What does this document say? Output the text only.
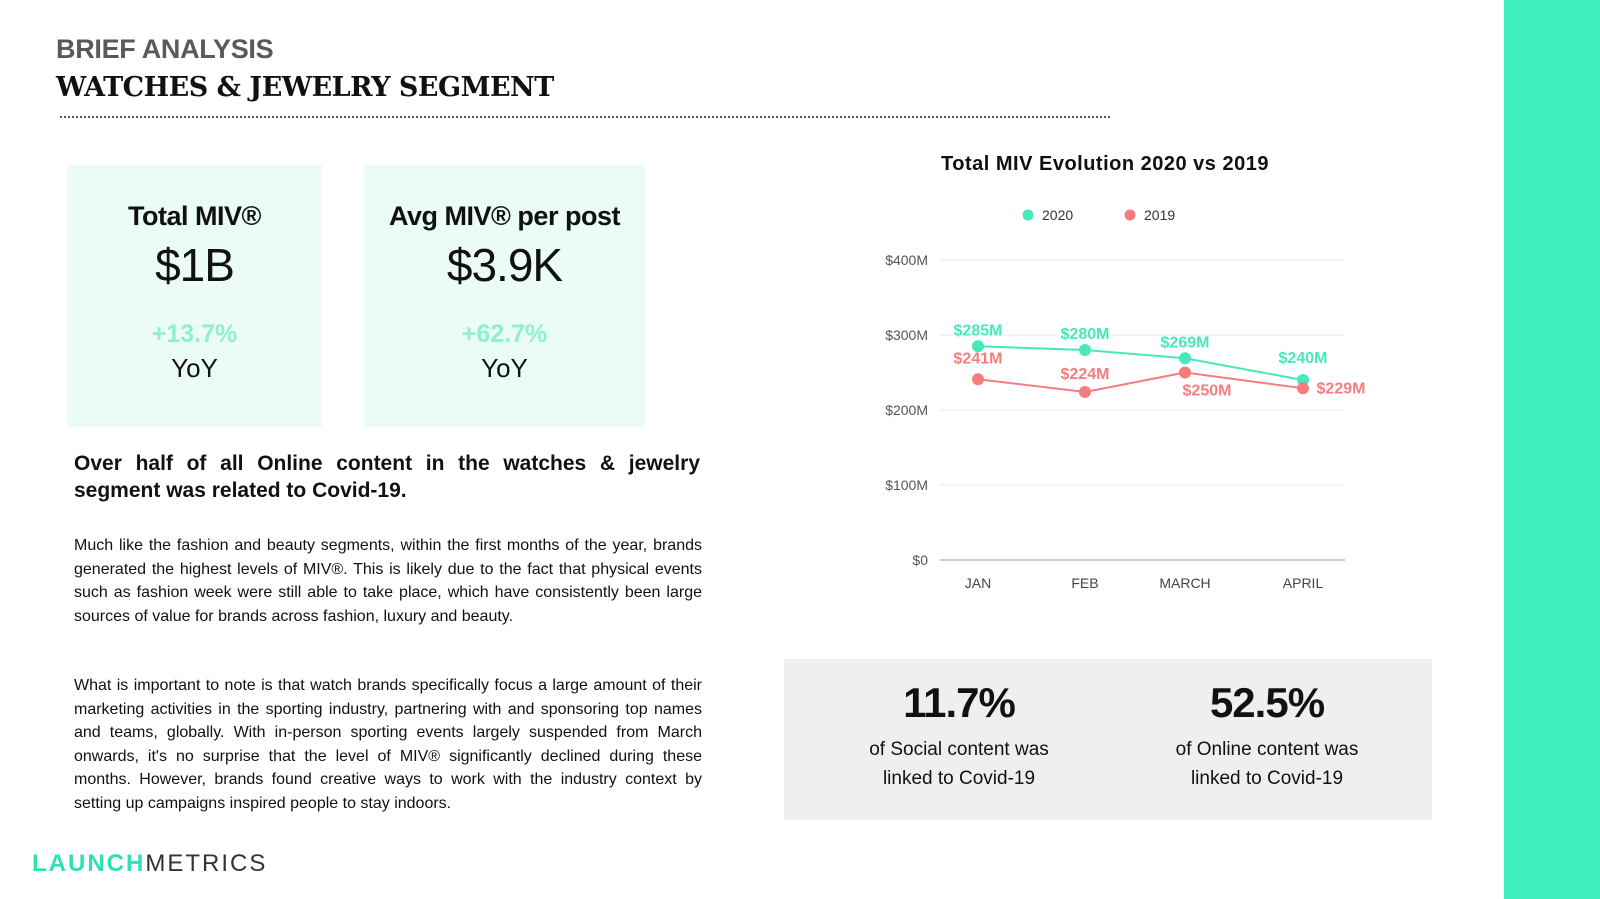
BRIEF ANALYSIS
WATCHES & JEWELRY SEGMENT
Total MIV®
$1B
+13.7%
YoY
Avg MIV® per post
$3.9K
+62.7%
YoY
Over half of all Online content in the watches & jewelry segment was related to Covid-19.
Much like the fashion and beauty segments, within the first months of the year, brands generated the highest levels of MIV®. This is likely due to the fact that physical events such as fashion week were still able to take place, which have consistently been large sources of value for brands across fashion, luxury and beauty.
What is important to note is that watch brands specifically focus a large amount of their marketing activities in the sporting industry, partnering with and sponsoring top names and teams, globally. With in-person sporting events largely suspended from March onwards, it's no surprise that the level of MIV® significantly declined during these months. However, brands found creative ways to work with the industry context by setting up campaigns inspired people to stay indoors.
LAUNCHMETRICS
Total MIV Evolution 2020 vs 2019
2020	2019
$0
$100M
$200M
$300M
$400M
JAN	FEB	MARCH	APRIL
$285M	$280M	$269M
$240M
$241M
$224M
$250M	$229M
11.7%
of Social content was
linked to Covid-19
52.5%
of Online content was
linked to Covid-19
